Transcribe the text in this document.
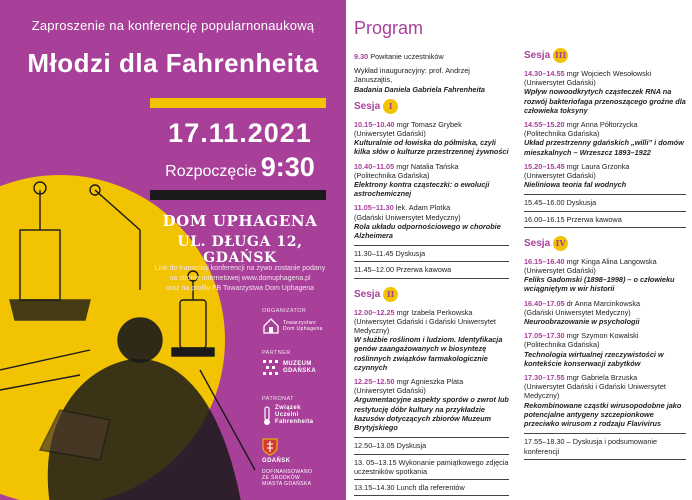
Zaproszenie na konferencję popularnonaukową
Młodzi dla Fahrenheita
17.11.2021
Rozpoczęcie 9:30
DOM UPHAGENA
UL. DŁUGA 12, GDAŃSK
Link do transmisji konferencji na żywo zostanie podany
na stronie internetowej www.domuphagena.pl
oraz na profilu FB Towarzystwa Dom Uphagena
ORGANIZATOR
Towarzystwo
Dom Uphagena
PARTNER
MUZEUM
GDAŃSKA
PATRONAT
Związek
Uczelni
Fahrenheita
GDAŃSK
DOFINANSOWANO
ZE ŚRODKÓW
MIASTA GDAŃSKA
Program
9.30 Powitanie uczestników
Wykład inauguracyjny: prof. Andrzej Januszajtis,
Badania Daniela Gabriela Fahrenheita
Sesja	I
10.15–10.40 mgr Tomasz Grybek
(Uniwersytet Gdański)
Kulturalnie od łowiska do półmiska, czyli kilka słów o kulturze przestrzennej żywności
10.40–11.05 mgr Natalia Tańska
(Politechnika Gdańska)
Elektrony kontra cząsteczki: o ewolucji astrochemicznej
11.05–11.30 lek. Adam Plotka
(Gdański Uniwersytet Medyczny)
Rola układu odpornościowego w chorobie Alzheimera
11.30–11.45 Dyskusja
11.45–12.00 Przerwa kawowa
Sesja II
12.00–12.25 mgr Izabela Perkowska
(Uniwersytet Gdański i Gdański Uniwersytet Medyczny)
W służbie roślinom i ludziom. Identyfikacja genów zaangażowanych w biosyntezę roślinnych związków farmakologicznie czynnych
12.25–12.50 mgr Agnieszka Plata
(Uniwersytet Gdański)
Argumentacyjne aspekty sporów o zwrot lub restytucję dóbr kultury na przykładzie kazusów dotyczących zbiorów Muzeum Brytyjskiego
12.50–13.05 Dyskusja
13. 05–13.15 Wykonanie pamiątkowego zdjęcia uczestników spotkania
13.15–14.30 Lunch dla referentów
Sesja III
14.30–14.55 mgr Wojciech Wesołowski
(Uniwersytet Gdański)
Wpływ nowoodkrytych cząsteczek RNA na rozwój bakteriofaga przenoszącego groźne dla człowieka toksyny
14.55–15.20 mgr Anna Półtorzycka
(Politechnika Gdańska)
Układ przestrzenny gdańskich „willi” i domów mieszkalnych – Wrzeszcz 1893–1922
15.20–15.45 mgr Laura Grzonka
(Uniwersytet Gdański)
Nieliniowa teoria fal wodnych
15.45–16.00 Dyskusja
16.00–16.15 Przerwa kawowa
Sesja IV
16.15–16.40 mgr Kinga Alina Langowska
(Uniwersytet Gdański)
Feliks Gadomski (1898–1998) – o człowieku wciągniętym w wir historii
16.40–17.05 dr Anna Marcinkowska
(Gdański Uniwersytet Medyczny)
Neuroobrazowanie w psychologii
17.05–17.30 mgr Szymon Kowalski
(Politechnika Gdańska)
Technologia wirtualnej rzeczywistości w kontekście konserwacji zabytków
17.30–17.55 mgr Gabriela Brzuska
(Uniwersytet Gdański i Gdański Uniwersytet Medyczny)
Rekombinowane cząstki wirusopodobne jako potencjalne antygeny szczepionkowe przeciwko wirusom z rodzaju Flavivirus
17.55–18.30 – Dyskusja i podsumowanie konferencji
